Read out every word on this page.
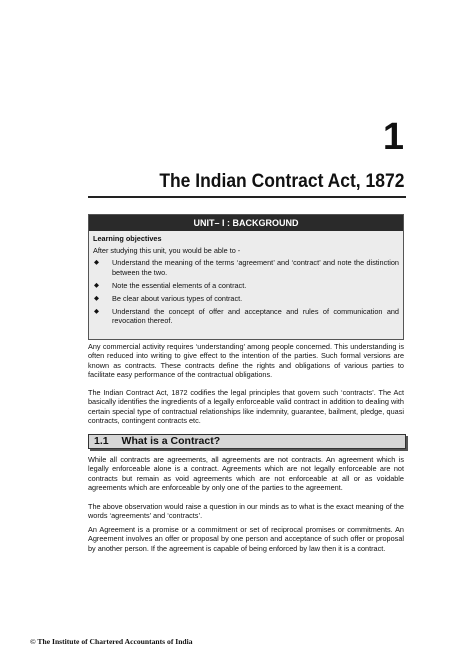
1
The Indian Contract Act, 1872
UNIT– I : BACKGROUND
Learning objectives
After studying this unit, you would be able to -
◆ Understand the meaning of the terms ‘agreement’ and ‘contract’ and note the distinction between the two.
◆ Note the essential elements of a contract.
◆ Be clear about various types of contract.
◆ Understand the concept of offer and acceptance and rules of communication and revocation thereof.

Any commercial activity requires ‘understanding’ among people concerned. This understanding is often reduced into writing to give effect to the intention of the parties. Such formal versions are known as contracts. These contracts define the rights and obligations of various parties to facilitate easy performance of the contractual obligations.

The Indian Contract Act, 1872 codifies the legal principles that govern such ‘contracts’. The Act basically identifies the ingredients of a legally enforceable valid contract in addition to dealing with certain special type of contractual relationships like indemnity, guarantee, bailment, pledge, quasi contracts, contingent contracts etc.

1.1 What is a Contract?

While all contracts are agreements, all agreements are not contracts. An agreement which is legally enforceable alone is a contract. Agreements which are not legally enforceable are not contracts but remain as void agreements which are not enforceable at all or as voidable agreements which are enforceable by only one of the parties to the agreement.

The above observation would raise a question in our minds as to what is the exact meaning of the words ‘agreements’ and ‘contracts’.

An Agreement is a promise or a commitment or set of reciprocal promises or commitments. An Agreement involves an offer or proposal by one person and acceptance of such offer or proposal by another person. If the agreement is capable of being enforced by law then it is a contract.

© The Institute of Chartered Accountants of India
